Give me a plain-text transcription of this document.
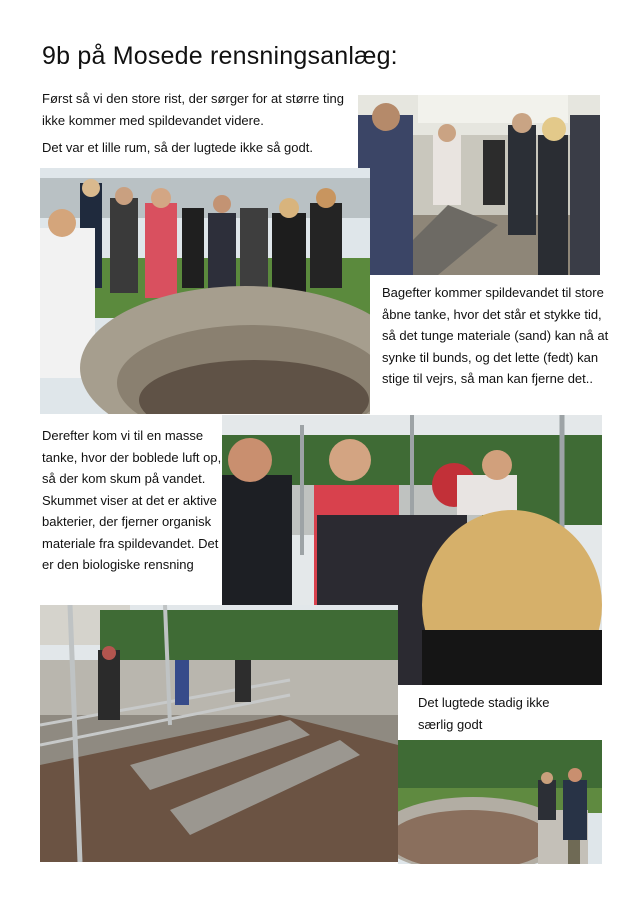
9b på Mosede rensningsanlæg:

Først så vi den store rist, der sørger for at større ting ikke kommer med spildevandet videre.

Det var et lille rum, så der lugtede ikke så godt.

Bagefter kommer spildevandet til store åbne tanke, hvor det står et stykke tid, så det tunge materiale (sand) kan nå at synke til bunds, og det lette (fedt) kan stige til vejrs, så man kan fjerne det..
Derefter kom vi til en masse tanke, hvor der boblede luft op, så der kom skum på vandet. Skummet viser at det er aktive bakterier, der fjerner organisk materiale fra spildevandet. Det er den biologiske rensning
Det lugtede stadig ikke særlig godt
